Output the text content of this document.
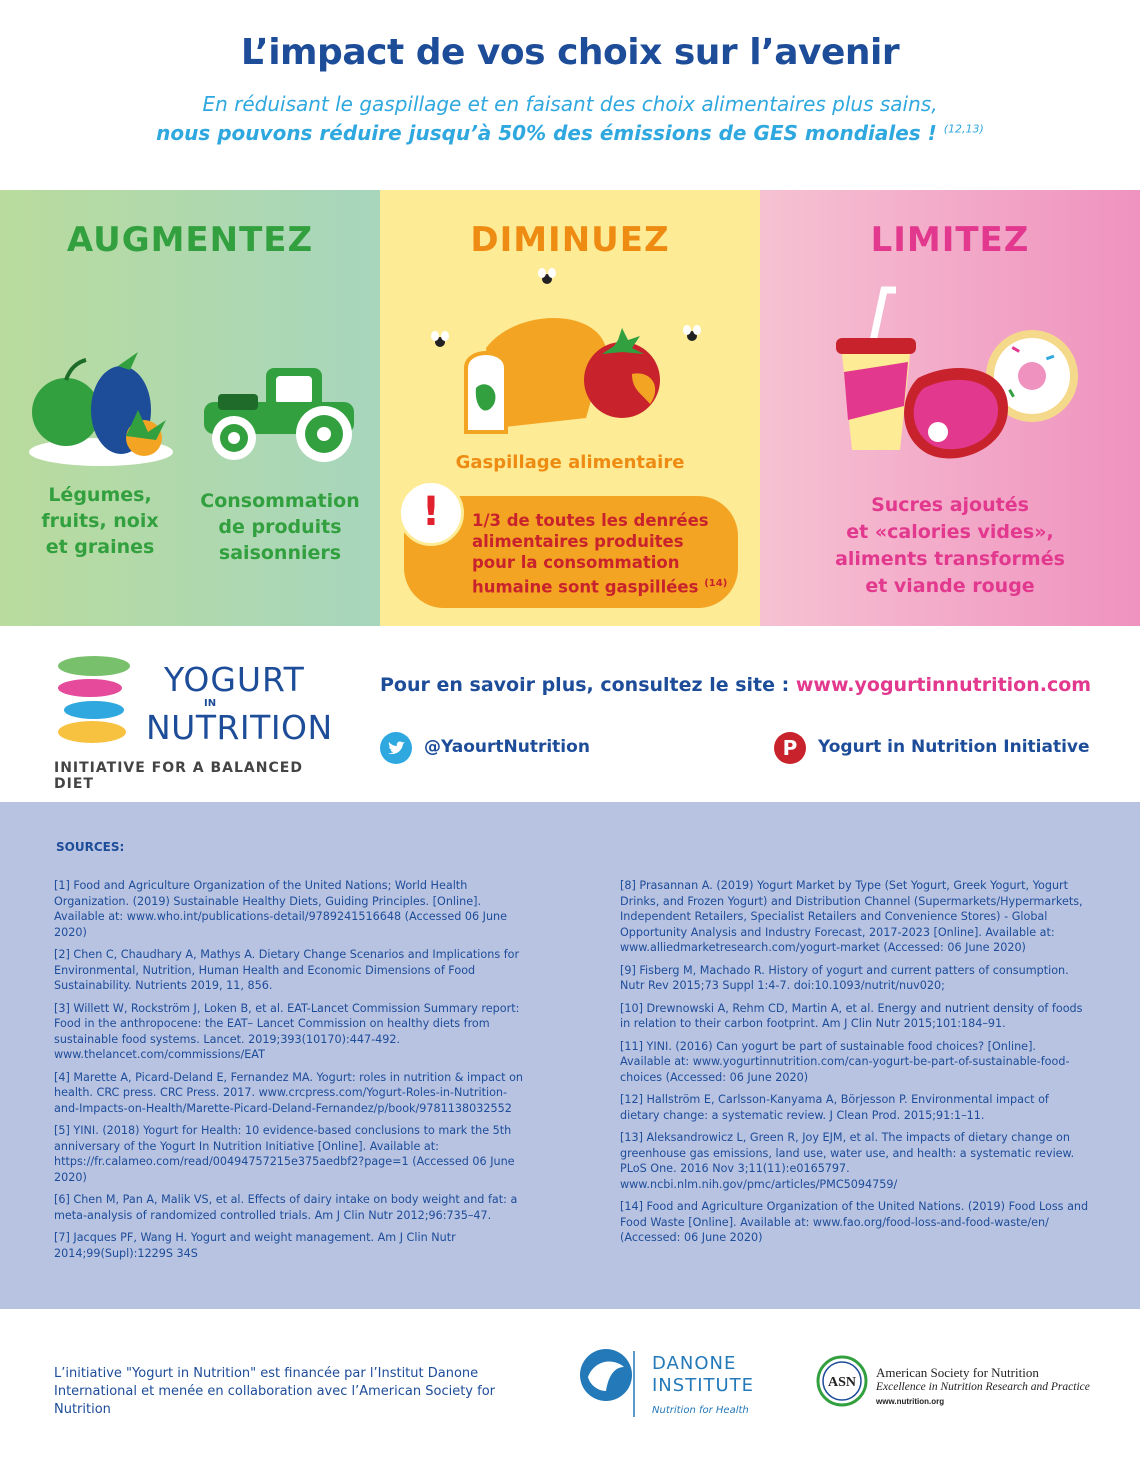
L’impact de vos choix sur l’avenir
En réduisant le gaspillage et en faisant des choix alimentaires plus sains,
nous pouvons réduire jusqu’à 50% des émissions de GES mondiales ! $^{(12,13)}$
AUGMENTEZ
Légumes,
fruits, noix
et graines
Consommation
de produits
saisonniers
DIMINUEZ
Gaspillage alimentaire
!	1/3 de toutes les denrées
alimentaires produites
pour la consommation
humaine sont gaspillées $^{(14)}$
LIMITEZ
Sucres ajoutés
et «calories vides»,
aliments transformés
et viande rouge
YOGURT
IN
NUTRITION
INITIATIVE FOR A BALANCED DIET
Pour en savoir plus, consultez le site : www.yogurtinnutrition.com
@YaourtNutrition	P Yogurt in Nutrition Initiative
SOURCES:

[1] Food and Agriculture Organization of the United Nations; World Health Organization. (2019) Sustainable Healthy Diets, Guiding Principles. [Online]. Available at: www.who.int/publications-detail/9789241516648 (Accessed 06 June 2020)

[2] Chen C, Chaudhary A, Mathys A. Dietary Change Scenarios and Implications for Environmental, Nutrition, Human Health and Economic Dimensions of Food Sustainability. Nutrients 2019, 11, 856.

[3] Willett W, Rockström J, Loken B, et al. EAT-Lancet Commission Summary report: Food in the anthropocene: the EAT– Lancet Commission on healthy diets from sustainable food systems. Lancet. 2019;393(10170):447-492. www.thelancet.com/commissions/EAT

[4] Marette A, Picard-Deland E, Fernandez MA. Yogurt: roles in nutrition & impact on health. CRC press. CRC Press. 2017. www.crcpress.com/Yogurt-Roles-in-Nutrition-and-Impacts-on-Health/Marette-Picard-Deland-Fernandez/p/book/9781138032552

[5] YINI. (2018) Yogurt for Health: 10 evidence-based conclusions to mark the 5th anniversary of the Yogurt In Nutrition Initiative [Online]. Available at: https://fr.calameo.com/read/00494757215e375aedbf2?page=1 (Accessed 06 June 2020)

[6] Chen M, Pan A, Malik VS, et al. Effects of dairy intake on body weight and fat: a meta-analysis of randomized controlled trials. Am J Clin Nutr 2012;96:735–47.

[7] Jacques PF, Wang H. Yogurt and weight management. Am J Clin Nutr 2014;99(Supl):1229S 34S

[8] Prasannan A. (2019) Yogurt Market by Type (Set Yogurt, Greek Yogurt, Yogurt Drinks, and Frozen Yogurt) and Distribution Channel (Supermarkets/Hypermarkets, Independent Retailers, Specialist Retailers and Convenience Stores) - Global Opportunity Analysis and Industry Forecast, 2017-2023 [Online]. Available at: www.alliedmarketresearch.com/yogurt-market (Accessed: 06 June 2020)

[9] Fisberg M, Machado R. History of yogurt and current patters of consumption. Nutr Rev 2015;73 Suppl 1:4-7. doi:10.1093/nutrit/nuv020;

[10] Drewnowski A, Rehm CD, Martin A, et al. Energy and nutrient density of foods in relation to their carbon footprint. Am J Clin Nutr 2015;101:184–91.

[11] YINI. (2016) Can yogurt be part of sustainable food choices? [Online]. Available at: www.yogurtinnutrition.com/can-yogurt-be-part-of-sustainable-food-choices (Accessed: 06 June 2020)

[12] Hallström E, Carlsson-Kanyama A, Börjesson P. Environmental impact of dietary change: a systematic review. J Clean Prod. 2015;91:1–11.

[13] Aleksandrowicz L, Green R, Joy EJM, et al. The impacts of dietary change on greenhouse gas emissions, land use, water use, and health: a systematic review. PLoS One. 2016 Nov 3;11(11):e0165797. www.ncbi.nlm.nih.gov/pmc/articles/PMC5094759/

[14] Food and Agriculture Organization of the United Nations. (2019) Food Loss and Food Waste [Online]. Available at: www.fao.org/food-loss-and-food-waste/en/ (Accessed: 06 June 2020)

L’initiative "Yogurt in Nutrition" est financée par l’Institut Danone International et menée en collaboration avec l’American Society for Nutrition
DANONE
INSTITUTE
Nutrition for Health
ASN
American Society for Nutrition
Excellence in Nutrition Research and Practice
www.nutrition.org
